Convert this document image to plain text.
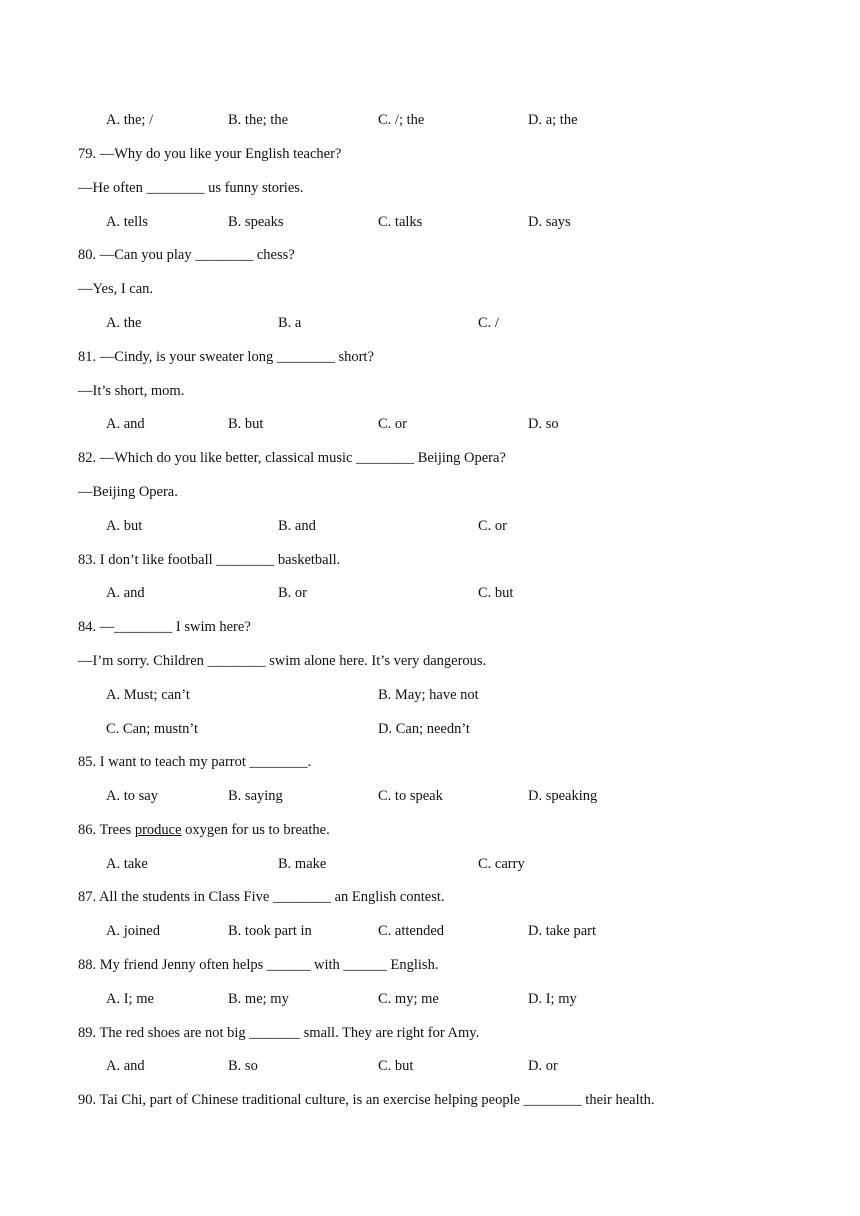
A. the; /	B. the; the	C. /; the	D. a; the
79. —Why do you like your English teacher?
—He often ________ us funny stories.
A. tells	B. speaks	C. talks	D. says
80. —Can you play ________ chess?
—Yes, I can.
A. the	B. a	C. /
81. —Cindy, is your sweater long ________ short?
—It’s short, mom.
A. and	B. but	C. or	D. so
82. —Which do you like better, classical music ________ Beijing Opera?
—Beijing Opera.
A. but	B. and	C. or
83. I don’t like football ________ basketball.
A. and	B. or	C. but
84. —________ I swim here?
—I’m sorry. Children ________ swim alone here. It’s very dangerous.
A. Must; can’t	B. May; have not
C. Can; mustn’t	D. Can; needn’t
85. I want to teach my parrot ________.
A. to say	B. saying	C. to speak	D. speaking
86. Trees produce oxygen for us to breathe.
A. take	B. make	C. carry
87. All the students in Class Five ________ an English contest.
A. joined	B. took part in	C. attended	D. take part
88. My friend Jenny often helps ______ with ______ English.
A. I; me	B. me; my	C. my; me	D. I; my
89. The red shoes are not big _______ small. They are right for Amy.
A. and	B. so	C. but	D. or
90. Tai Chi, part of Chinese traditional culture, is an exercise helping people ________ their health.
